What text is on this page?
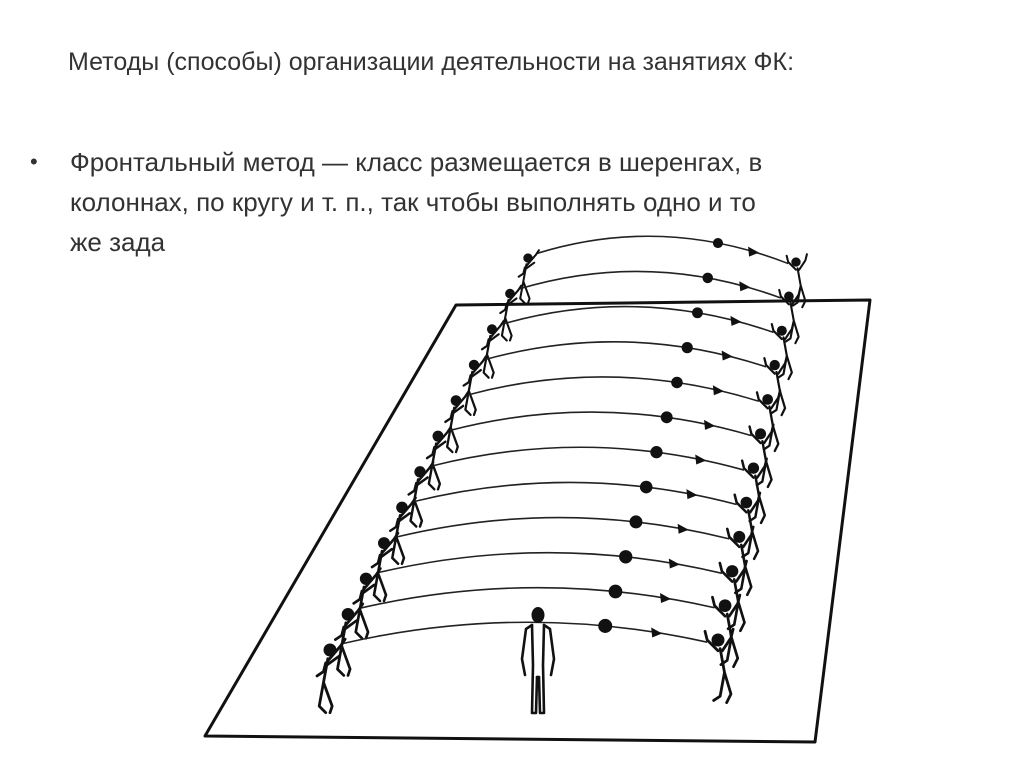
Методы (способы) организации деятельности на занятиях ФК:
•	Фронтальный метод — класс размещается в шеренгах, в
колоннах, по кругу и т. п., так чтобы выполнять одно и то
же зада
